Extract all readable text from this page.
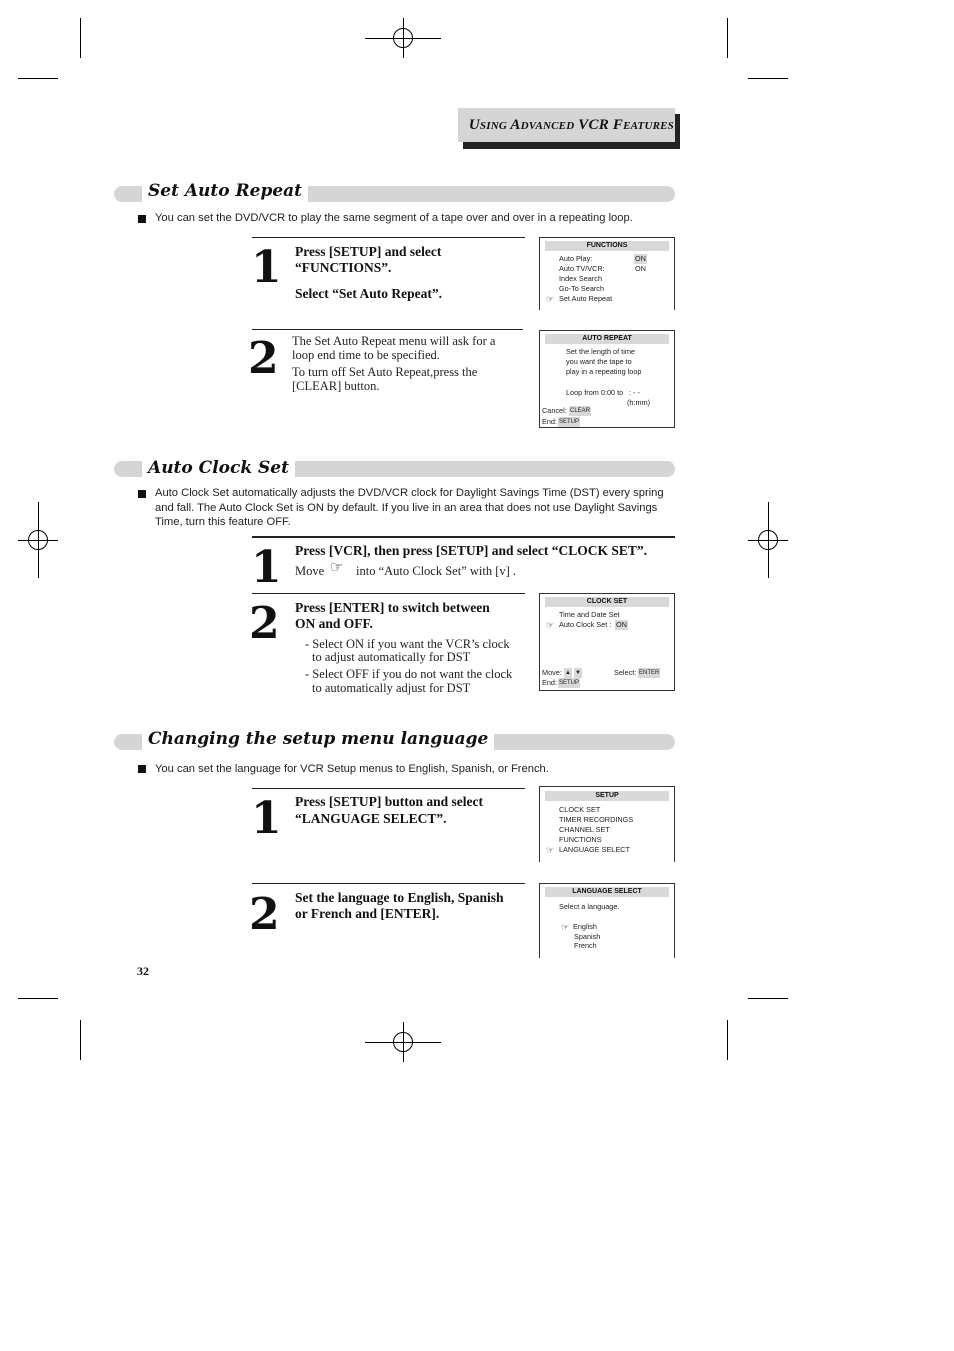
Using Advanced VCR Features
Set Auto Repeat
You can set the DVD/VCR to play the same segment of a tape over and over in a repeating loop.
1 Press [SETUP] and select
“FUNCTIONS”.
Select “Set Auto Repeat”.
FUNCTIONS
Auto Play:	ON
Auto TV/VCR:	ON
Index Search
Go-To Search
☞ Set Auto Repeat
2 The Set Auto Repeat menu will ask for a
loop end time to be specified.
To turn off Set Auto Repeat,press the
[CLEAR] button.
AUTO REPEAT
Set the length of time
you want the tape to
play in a repeating loop
Loop from 0:00 to : - -
(h:mm)
Cancel: CLEAR
End: SETUP
Auto Clock Set
Auto Clock Set automatically adjusts the DVD/VCR clock for Daylight Savings Time (DST) every spring
and fall. The Auto Clock Set is ON by default. If you live in an area that does not use Daylight Savings
Time, turn this feature OFF.
1 Press [VCR], then press [SETUP] and select “CLOCK SET”.
Move ☞ into “Auto Clock Set” with [v] .
2 Press [ENTER] to switch between
ON and OFF.
- Select ON if you want the VCR’s clock
to adjust automatically for DST
- Select OFF if you do not want the clock
to automatically adjust for DST
CLOCK SET
Time and Date Set
☞ Auto Clock Set : ON
Move: ▲ ▼	Select: ENTER
End: SETUP
Changing the setup menu language
You can set the language for VCR Setup menus to English, Spanish, or French.
1 Press [SETUP] button and select
“LANGUAGE SELECT”.
SETUP
CLOCK SET
TIMER RECORDINGS
CHANNEL SET
FUNCTIONS
☞ LANGUAGE SELECT
2 Set the language to English, Spanish
or French and [ENTER].
LANGUAGE SELECT
Select a language.
☞ English
Spanish
French
32
